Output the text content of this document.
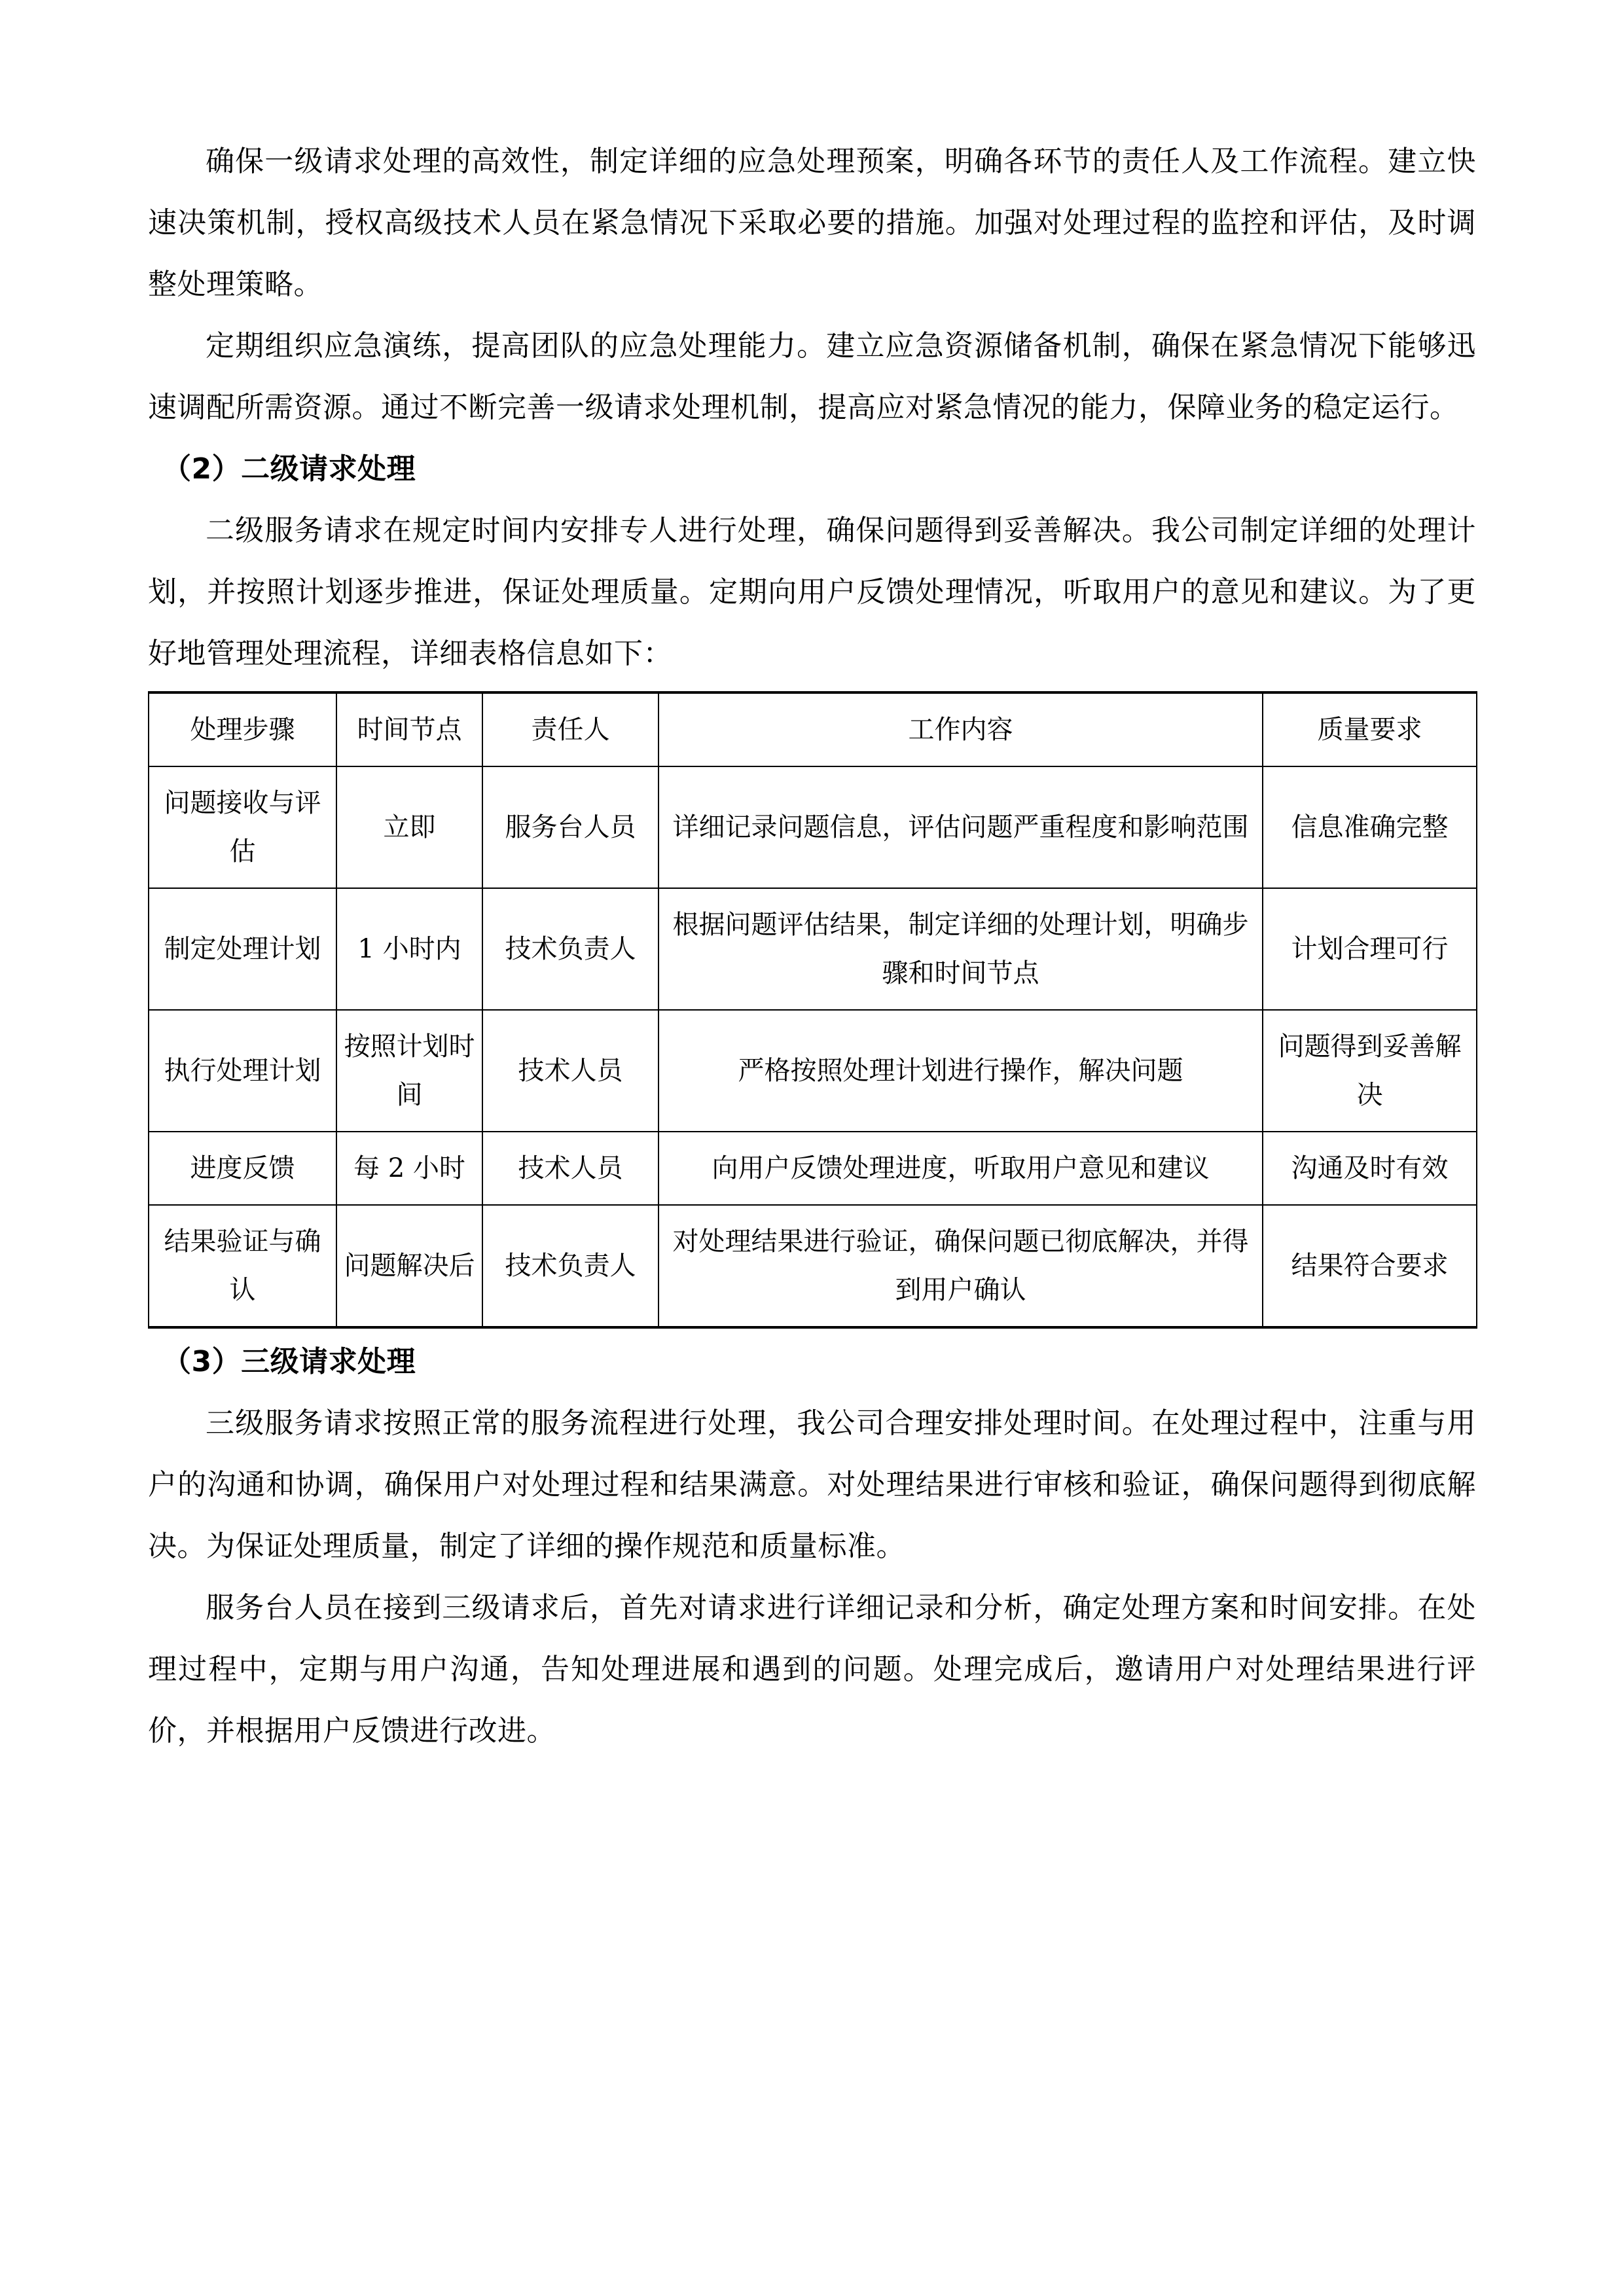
确保一级请求处理的高效性，制定详细的应急处理预案，明确各环节的责任人及工作流程。建立快速决策机制，授权高级技术人员在紧急情况下采取必要的措施。加强对处理过程的监控和评估，及时调整处理策略。

定期组织应急演练，提高团队的应急处理能力。建立应急资源储备机制，确保在紧急情况下能够迅速调配所需资源。通过不断完善一级请求处理机制，提高应对紧急情况的能力，保障业务的稳定运行。

（2）二级请求处理

二级服务请求在规定时间内安排专人进行处理，确保问题得到妥善解决。我公司制定详细的处理计划，并按照计划逐步推进，保证处理质量。定期向用户反馈处理情况，听取用户的意见和建议。为了更好地管理处理流程，详细表格信息如下：

处理步骤	时间节点	责任人	工作内容	质量要求

问题接收与评估	立即	服务台人员	详细记录问题信息，评估问题严重程度和影响范围	信息准确完整

制定处理计划	1 小时内	技术负责人	根据问题评估结果，制定详细的处理计划，明确步骤和时间节点	计划合理可行

执行处理计划	按照计划时间	技术人员	严格按照处理计划进行操作，解决问题	问题得到妥善解决

进度反馈	每 2 小时	技术人员	向用户反馈处理进度，听取用户意见和建议	沟通及时有效

结果验证与确认	问题解决后	技术负责人	对处理结果进行验证，确保问题已彻底解决，并得到用户确认	结果符合要求
（3）三级请求处理

三级服务请求按照正常的服务流程进行处理，我公司合理安排处理时间。在处理过程中，注重与用户的沟通和协调，确保用户对处理过程和结果满意。对处理结果进行审核和验证，确保问题得到彻底解决。为保证处理质量，制定了详细的操作规范和质量标准。

服务台人员在接到三级请求后，首先对请求进行详细记录和分析，确定处理方案和时间安排。在处理过程中，定期与用户沟通，告知处理进展和遇到的问题。处理完成后，邀请用户对处理结果进行评价，并根据用户反馈进行改进。
